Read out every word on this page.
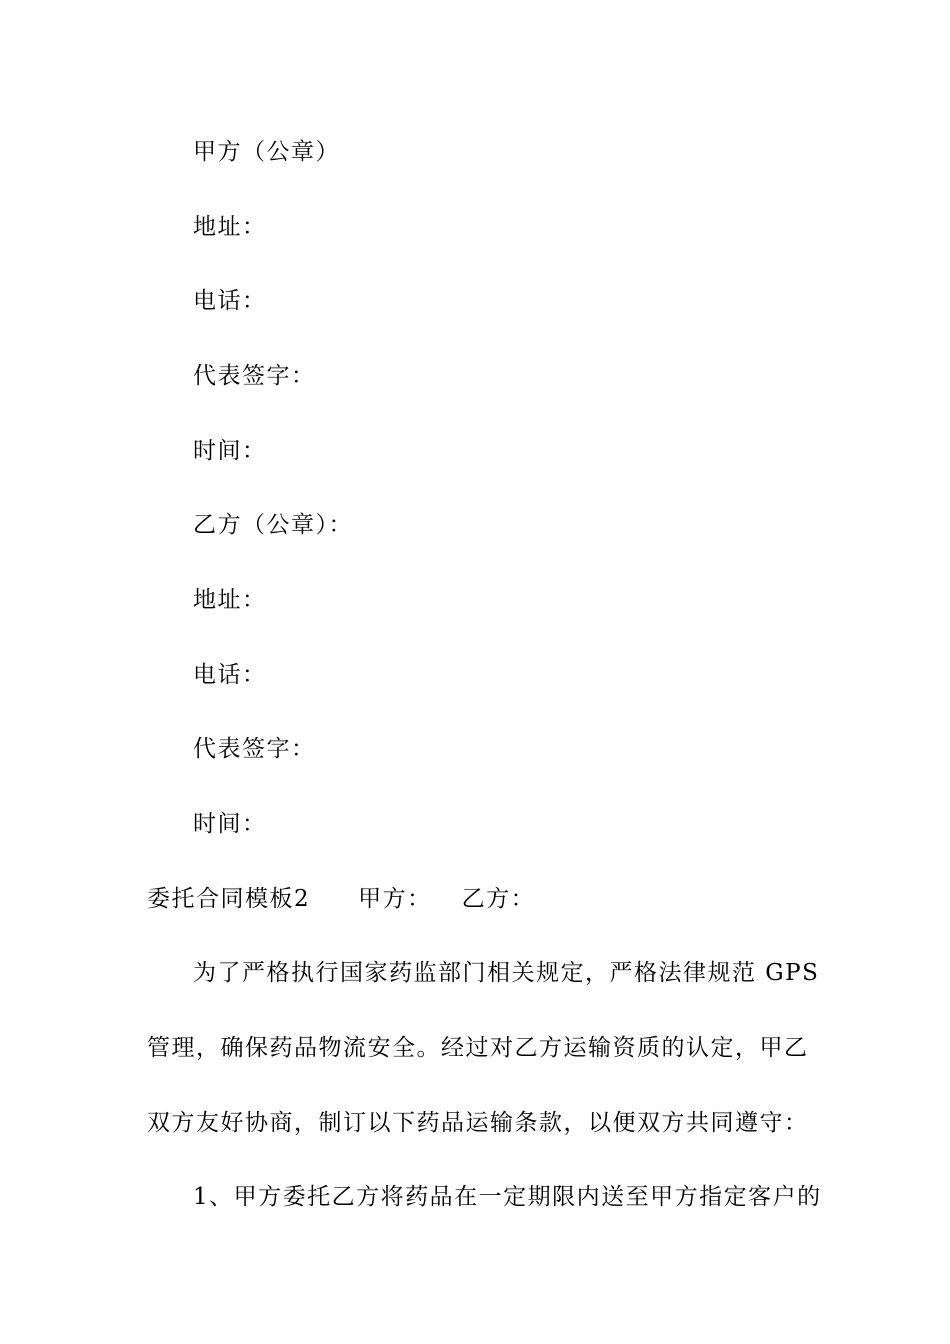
甲方（公章）
地址：
电话：
代表签字：
时间：
乙方（公章）：
地址：
电话：
代表签字：
时间：
委托合同模板2 甲方： 乙方：
为了严格执行国家药监部门相关规定，严格法律规范 GPS
管理，确保药品物流安全。经过对乙方运输资质的认定，甲乙
双方友好协商，制订以下药品运输条款，以便双方共同遵守：
1、甲方委托乙方将药品在一定期限内送至甲方指定客户的
